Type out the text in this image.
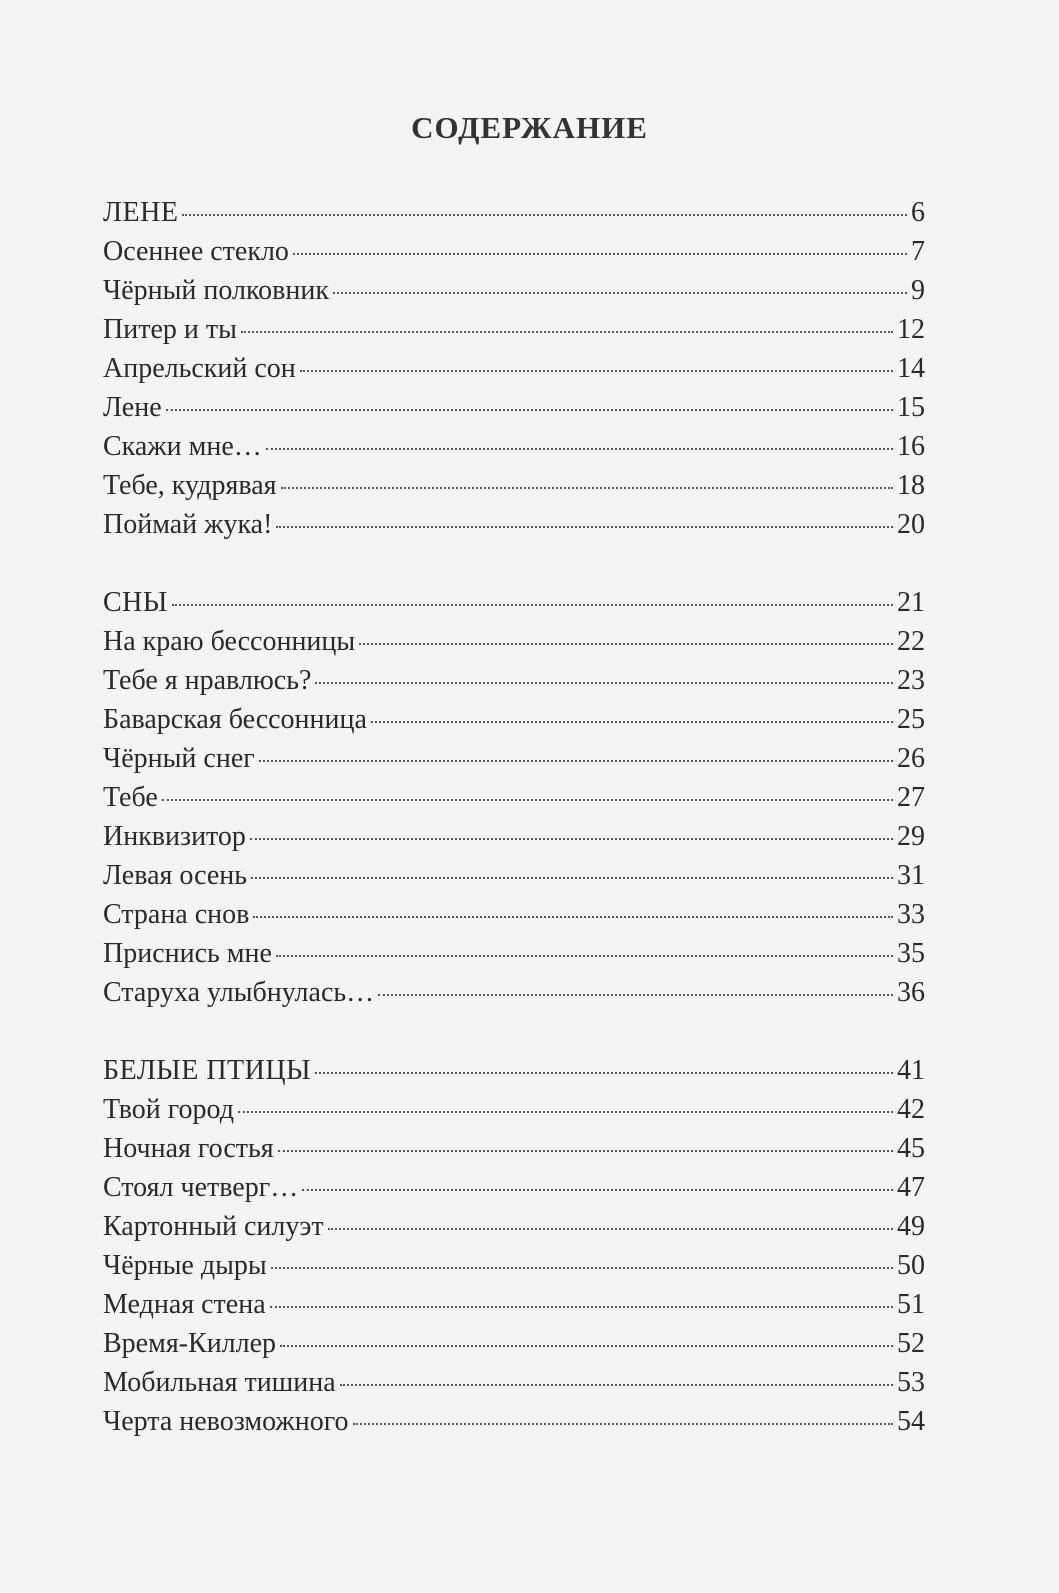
СОДЕРЖАНИЕ
ЛЕНЕ	6
Осеннее стекло	7
Чёрный полковник	9
Питер и ты	12
Апрельский сон	14
Лене	15
Скажи мне…	16
Тебе, кудрявая	18
Поймай жука!	20
СНЫ	21
На краю бессонницы	22
Тебе я нравлюсь?	23
Баварская бессонница	25
Чёрный снег	26
Тебе	27
Инквизитор	29
Левая осень	31
Страна снов	33
Приснись мне	35
Старуха улыбнулась…	36
БЕЛЫЕ ПТИЦЫ	41
Твой город	42
Ночная гостья	45
Стоял четверг…	47
Картонный силуэт	49
Чёрные дыры	50
Медная стена	51
Время-Киллер	52
Мобильная тишина	53
Черта невозможного	54
